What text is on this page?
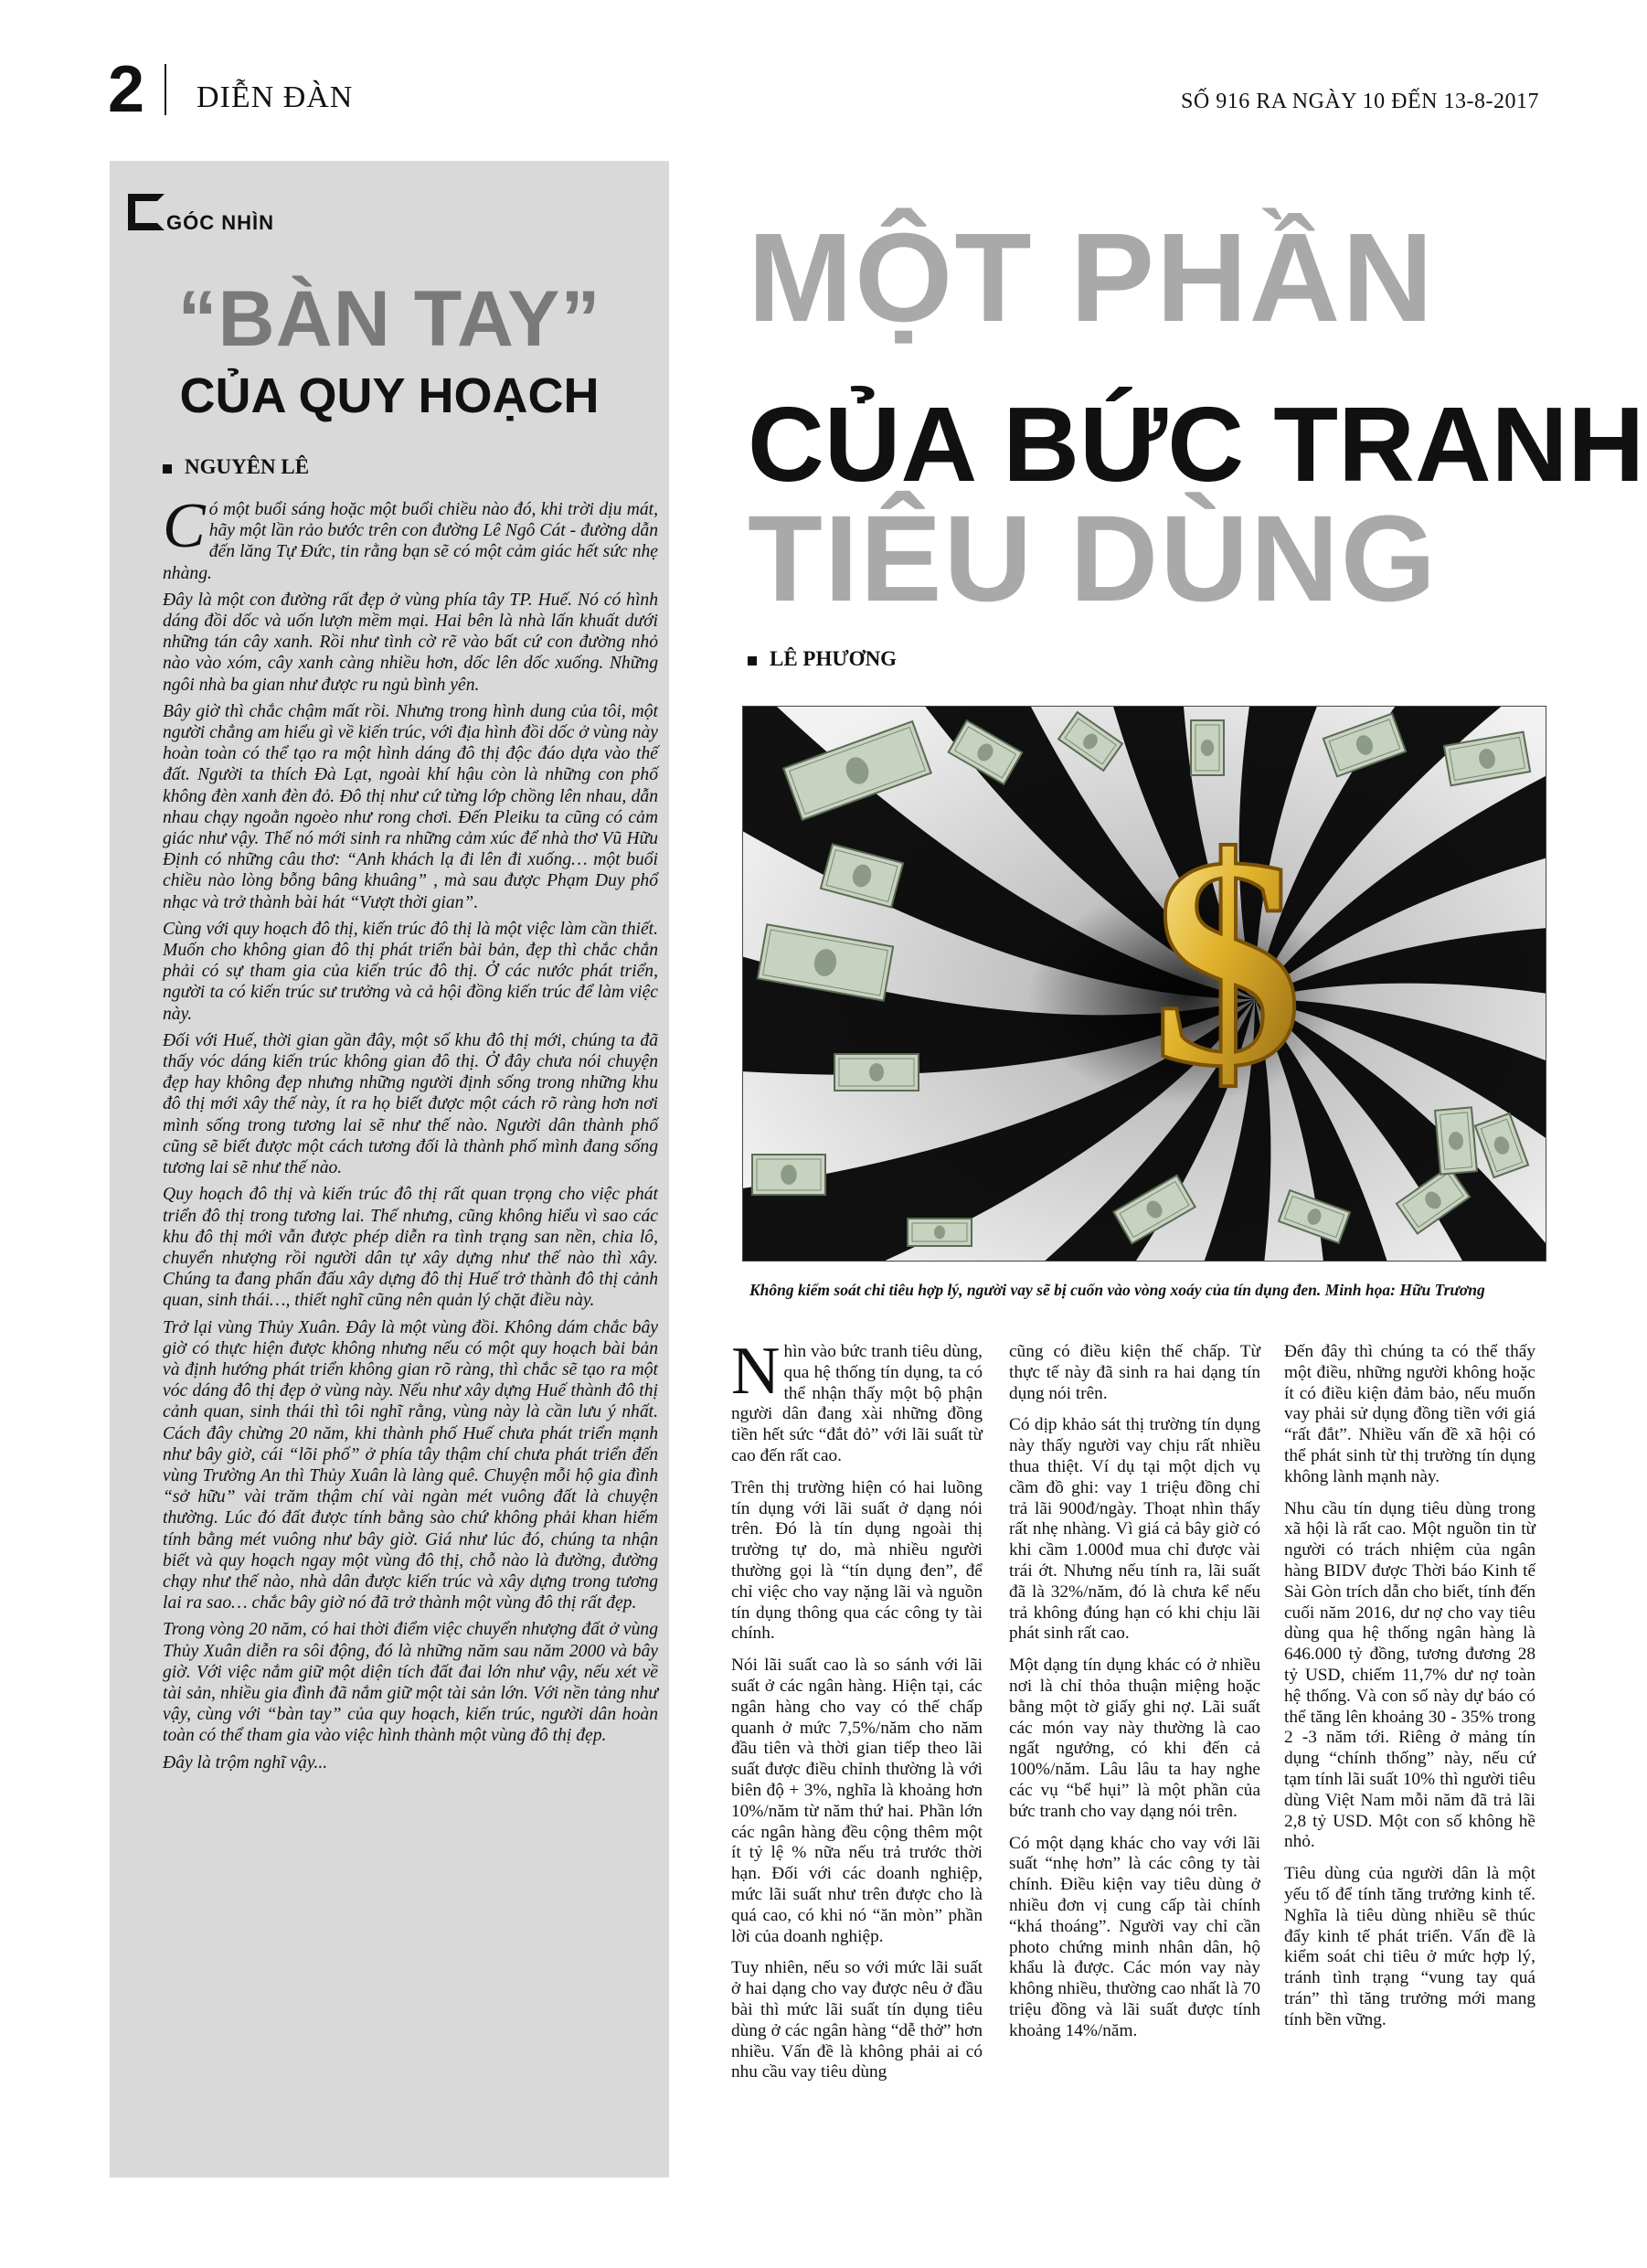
2 DIỄN ĐÀN	SỐ 916 RA NGÀY 10 ĐẾN 13-8-2017
GÓC NHÌN
“BÀN TAY”
CỦA QUY HOẠCH
NGUYÊN LÊ

Có một buổi sáng hoặc một buổi chiều nào đó, khi trời dịu mát, hãy một lần rảo bước trên con đường Lê Ngô Cát - đường dẫn đến lăng Tự Đức, tin rằng bạn sẽ có một cảm giác hết sức nhẹ nhàng.

Đây là một con đường rất đẹp ở vùng phía tây TP. Huế. Nó có hình dáng đồi dốc và uốn lượn mềm mại. Hai bên là nhà lấn khuất dưới những tán cây xanh. Rồi như tình cờ rẽ vào bất cứ con đường nhỏ nào vào xóm, cây xanh càng nhiều hơn, dốc lên dốc xuống. Những ngôi nhà ba gian như được ru ngủ bình yên.

Bây giờ thì chắc chậm mất rồi. Nhưng trong hình dung của tôi, một người chẳng am hiểu gì về kiến trúc, với địa hình đồi dốc ở vùng này hoàn toàn có thể tạo ra một hình dáng đô thị độc đáo dựa vào thế đất. Người ta thích Đà Lạt, ngoài khí hậu còn là những con phố không đèn xanh đèn đỏ. Đô thị như cứ từng lớp chồng lên nhau, dẫn nhau chạy ngoằn ngoèo như rong chơi. Đến Pleiku ta cũng có cảm giác như vậy. Thế nó mới sinh ra những cảm xúc để nhà thơ Vũ Hữu Định có những câu thơ: “Anh khách lạ đi lên đi xuống… một buổi chiều nào lòng bỗng bâng khuâng” , mà sau được Phạm Duy phổ nhạc và trở thành bài hát “Vượt thời gian”.

Cùng với quy hoạch đô thị, kiến trúc đô thị là một việc làm cần thiết. Muốn cho không gian đô thị phát triển bài bản, đẹp thì chắc chắn phải có sự tham gia của kiến trúc đô thị. Ở các nước phát triển, người ta có kiến trúc sư trưởng và cả hội đồng kiến trúc để làm việc này.

Đối với Huế, thời gian gần đây, một số khu đô thị mới, chúng ta đã thấy vóc dáng kiến trúc không gian đô thị. Ở đây chưa nói chuyện đẹp hay không đẹp nhưng những người định sống trong những khu đô thị mới xây thế này, ít ra họ biết được một cách rõ ràng hơn nơi mình sống trong tương lai sẽ như thế nào. Người dân thành phố cũng sẽ biết được một cách tương đối là thành phố mình đang sống tương lai sẽ như thế nào.

Quy hoạch đô thị và kiến trúc đô thị rất quan trọng cho việc phát triển đô thị trong tương lai. Thế nhưng, cũng không hiểu vì sao các khu đô thị mới vẫn được phép diễn ra tình trạng san nền, chia lô, chuyển nhượng rồi người dân tự xây dựng như thế nào thì xây. Chúng ta đang phấn đấu xây dựng đô thị Huế trở thành đô thị cảnh quan, sinh thái…, thiết nghĩ cũng nên quản lý chặt điều này.

Trở lại vùng Thủy Xuân. Đây là một vùng đồi. Không dám chắc bây giờ có thực hiện được không nhưng nếu có một quy hoạch bài bản và định hướng phát triển không gian rõ ràng, thì chắc sẽ tạo ra một vóc dáng đô thị đẹp ở vùng này. Nếu như xây dựng Huế thành đô thị cảnh quan, sinh thái thì tôi nghĩ rằng, vùng này là cần lưu ý nhất. Cách đây chừng 20 năm, khi thành phố Huế chưa phát triển mạnh như bây giờ, cái “lõi phố” ở phía tây thậm chí chưa phát triển đến vùng Trường An thì Thủy Xuân là làng quê. Chuyện mỗi hộ gia đình “sở hữu” vài trăm thậm chí vài ngàn mét vuông đất là chuyện thường. Lúc đó đất được tính bằng sào chứ không phải khan hiếm tính bằng mét vuông như bây giờ. Giá như lúc đó, chúng ta nhận biết và quy hoạch ngay một vùng đô thị, chỗ nào là đường, đường chạy như thế nào, nhà dân được kiến trúc và xây dựng trong tương lai ra sao… chắc bây giờ nó đã trở thành một vùng đô thị rất đẹp.

Trong vòng 20 năm, có hai thời điểm việc chuyển nhượng đất ở vùng Thủy Xuân diễn ra sôi động, đó là những năm sau năm 2000 và bây giờ. Với việc nắm giữ một diện tích đất đai lớn như vậy, nếu xét về tài sản, nhiều gia đình đã nắm giữ một tài sản lớn. Với nền tảng như vậy, cùng với “bàn tay” của quy hoạch, kiến trúc, người dân hoàn toàn có thể tham gia vào việc hình thành một vùng đô thị đẹp.

Đây là trộm nghĩ vậy...

MỘT PHẦN
CỦA BỨC TRANH
TIÊU DÙNG
LÊ PHƯƠNG
$
Không kiểm soát chi tiêu hợp lý, người vay sẽ bị cuốn vào vòng xoáy của tín dụng đen. Minh họa: Hữu Trương

Nhìn vào bức tranh tiêu dùng, qua hệ thống tín dụng, ta có thể nhận thấy một bộ phận người dân đang xài những đồng tiền hết sức “đắt đỏ” với lãi suất từ cao đến rất cao.

Trên thị trường hiện có hai luồng tín dụng với lãi suất ở dạng nói trên. Đó là tín dụng ngoài thị trường tự do, mà nhiều người thường gọi là “tín dụng đen”, để chỉ việc cho vay nặng lãi và nguồn tín dụng thông qua các công ty tài chính.

Nói lãi suất cao là so sánh với lãi suất ở các ngân hàng. Hiện tại, các ngân hàng cho vay có thế chấp quanh ở mức 7,5%/năm cho năm đầu tiên và thời gian tiếp theo lãi suất được điều chỉnh thường là với biên độ + 3%, nghĩa là khoảng hơn 10%/năm từ năm thứ hai. Phần lớn các ngân hàng đều cộng thêm một ít tỷ lệ % nữa nếu trả trước thời hạn. Đối với các doanh nghiệp, mức lãi suất như trên được cho là quá cao, có khi nó “ăn mòn” phần lời của doanh nghiệp.

Tuy nhiên, nếu so với mức lãi suất ở hai dạng cho vay được nêu ở đầu bài thì mức lãi suất tín dụng tiêu dùng ở các ngân hàng “dễ thở” hơn nhiều. Vấn đề là không phải ai có nhu cầu vay tiêu dùng

cũng có điều kiện thế chấp. Từ thực tế này đã sinh ra hai dạng tín dụng nói trên.

Có dịp khảo sát thị trường tín dụng này thấy người vay chịu rất nhiều thua thiệt. Ví dụ tại một dịch vụ cầm đồ ghi: vay 1 triệu đồng chỉ trả lãi 900đ/ngày. Thoạt nhìn thấy rất nhẹ nhàng. Vì giá cả bây giờ có khi cầm 1.000đ mua chỉ được vài trái ớt. Nhưng nếu tính ra, lãi suất đã là 32%/năm, đó là chưa kể nếu trả không đúng hạn có khi chịu lãi phát sinh rất cao.

Một dạng tín dụng khác có ở nhiều nơi là chỉ thỏa thuận miệng hoặc bằng một tờ giấy ghi nợ. Lãi suất các món vay này thường là cao ngất ngưởng, có khi đến cả 100%/năm. Lâu lâu ta hay nghe các vụ “bể hụi” là một phần của bức tranh cho vay dạng nói trên.

Có một dạng khác cho vay với lãi suất “nhẹ hơn” là các công ty tài chính. Điều kiện vay tiêu dùng ở nhiều đơn vị cung cấp tài chính “khá thoáng”. Người vay chỉ cần photo chứng minh nhân dân, hộ khẩu là được. Các món vay này không nhiều, thường cao nhất là 70 triệu đồng và lãi suất được tính khoảng 14%/năm.

Đến đây thì chúng ta có thể thấy một điều, những người không hoặc ít có điều kiện đảm bảo, nếu muốn vay phải sử dụng đồng tiền với giá “rất đắt”. Nhiều vấn đề xã hội có thể phát sinh từ thị trường tín dụng không lành mạnh này.

Nhu cầu tín dụng tiêu dùng trong xã hội là rất cao. Một nguồn tin từ người có trách nhiệm của ngân hàng BIDV được Thời báo Kinh tế Sài Gòn trích dẫn cho biết, tính đến cuối năm 2016, dư nợ cho vay tiêu dùng qua hệ thống ngân hàng là 646.000 tỷ đồng, tương đương 28 tỷ USD, chiếm 11,7% dư nợ toàn hệ thống. Và con số này dự báo có thể tăng lên khoảng 30 - 35% trong 2 -3 năm tới. Riêng ở mảng tín dụng “chính thống” này, nếu cứ tạm tính lãi suất 10% thì người tiêu dùng Việt Nam mỗi năm đã trả lãi 2,8 tỷ USD. Một con số không hề nhỏ.

Tiêu dùng của người dân là một yếu tố để tính tăng trưởng kinh tế. Nghĩa là tiêu dùng nhiều sẽ thúc đẩy kinh tế phát triển. Vấn đề là kiểm soát chi tiêu ở mức hợp lý, tránh tình trạng “vung tay quá trán” thì tăng trưởng mới mang tính bền vững.
